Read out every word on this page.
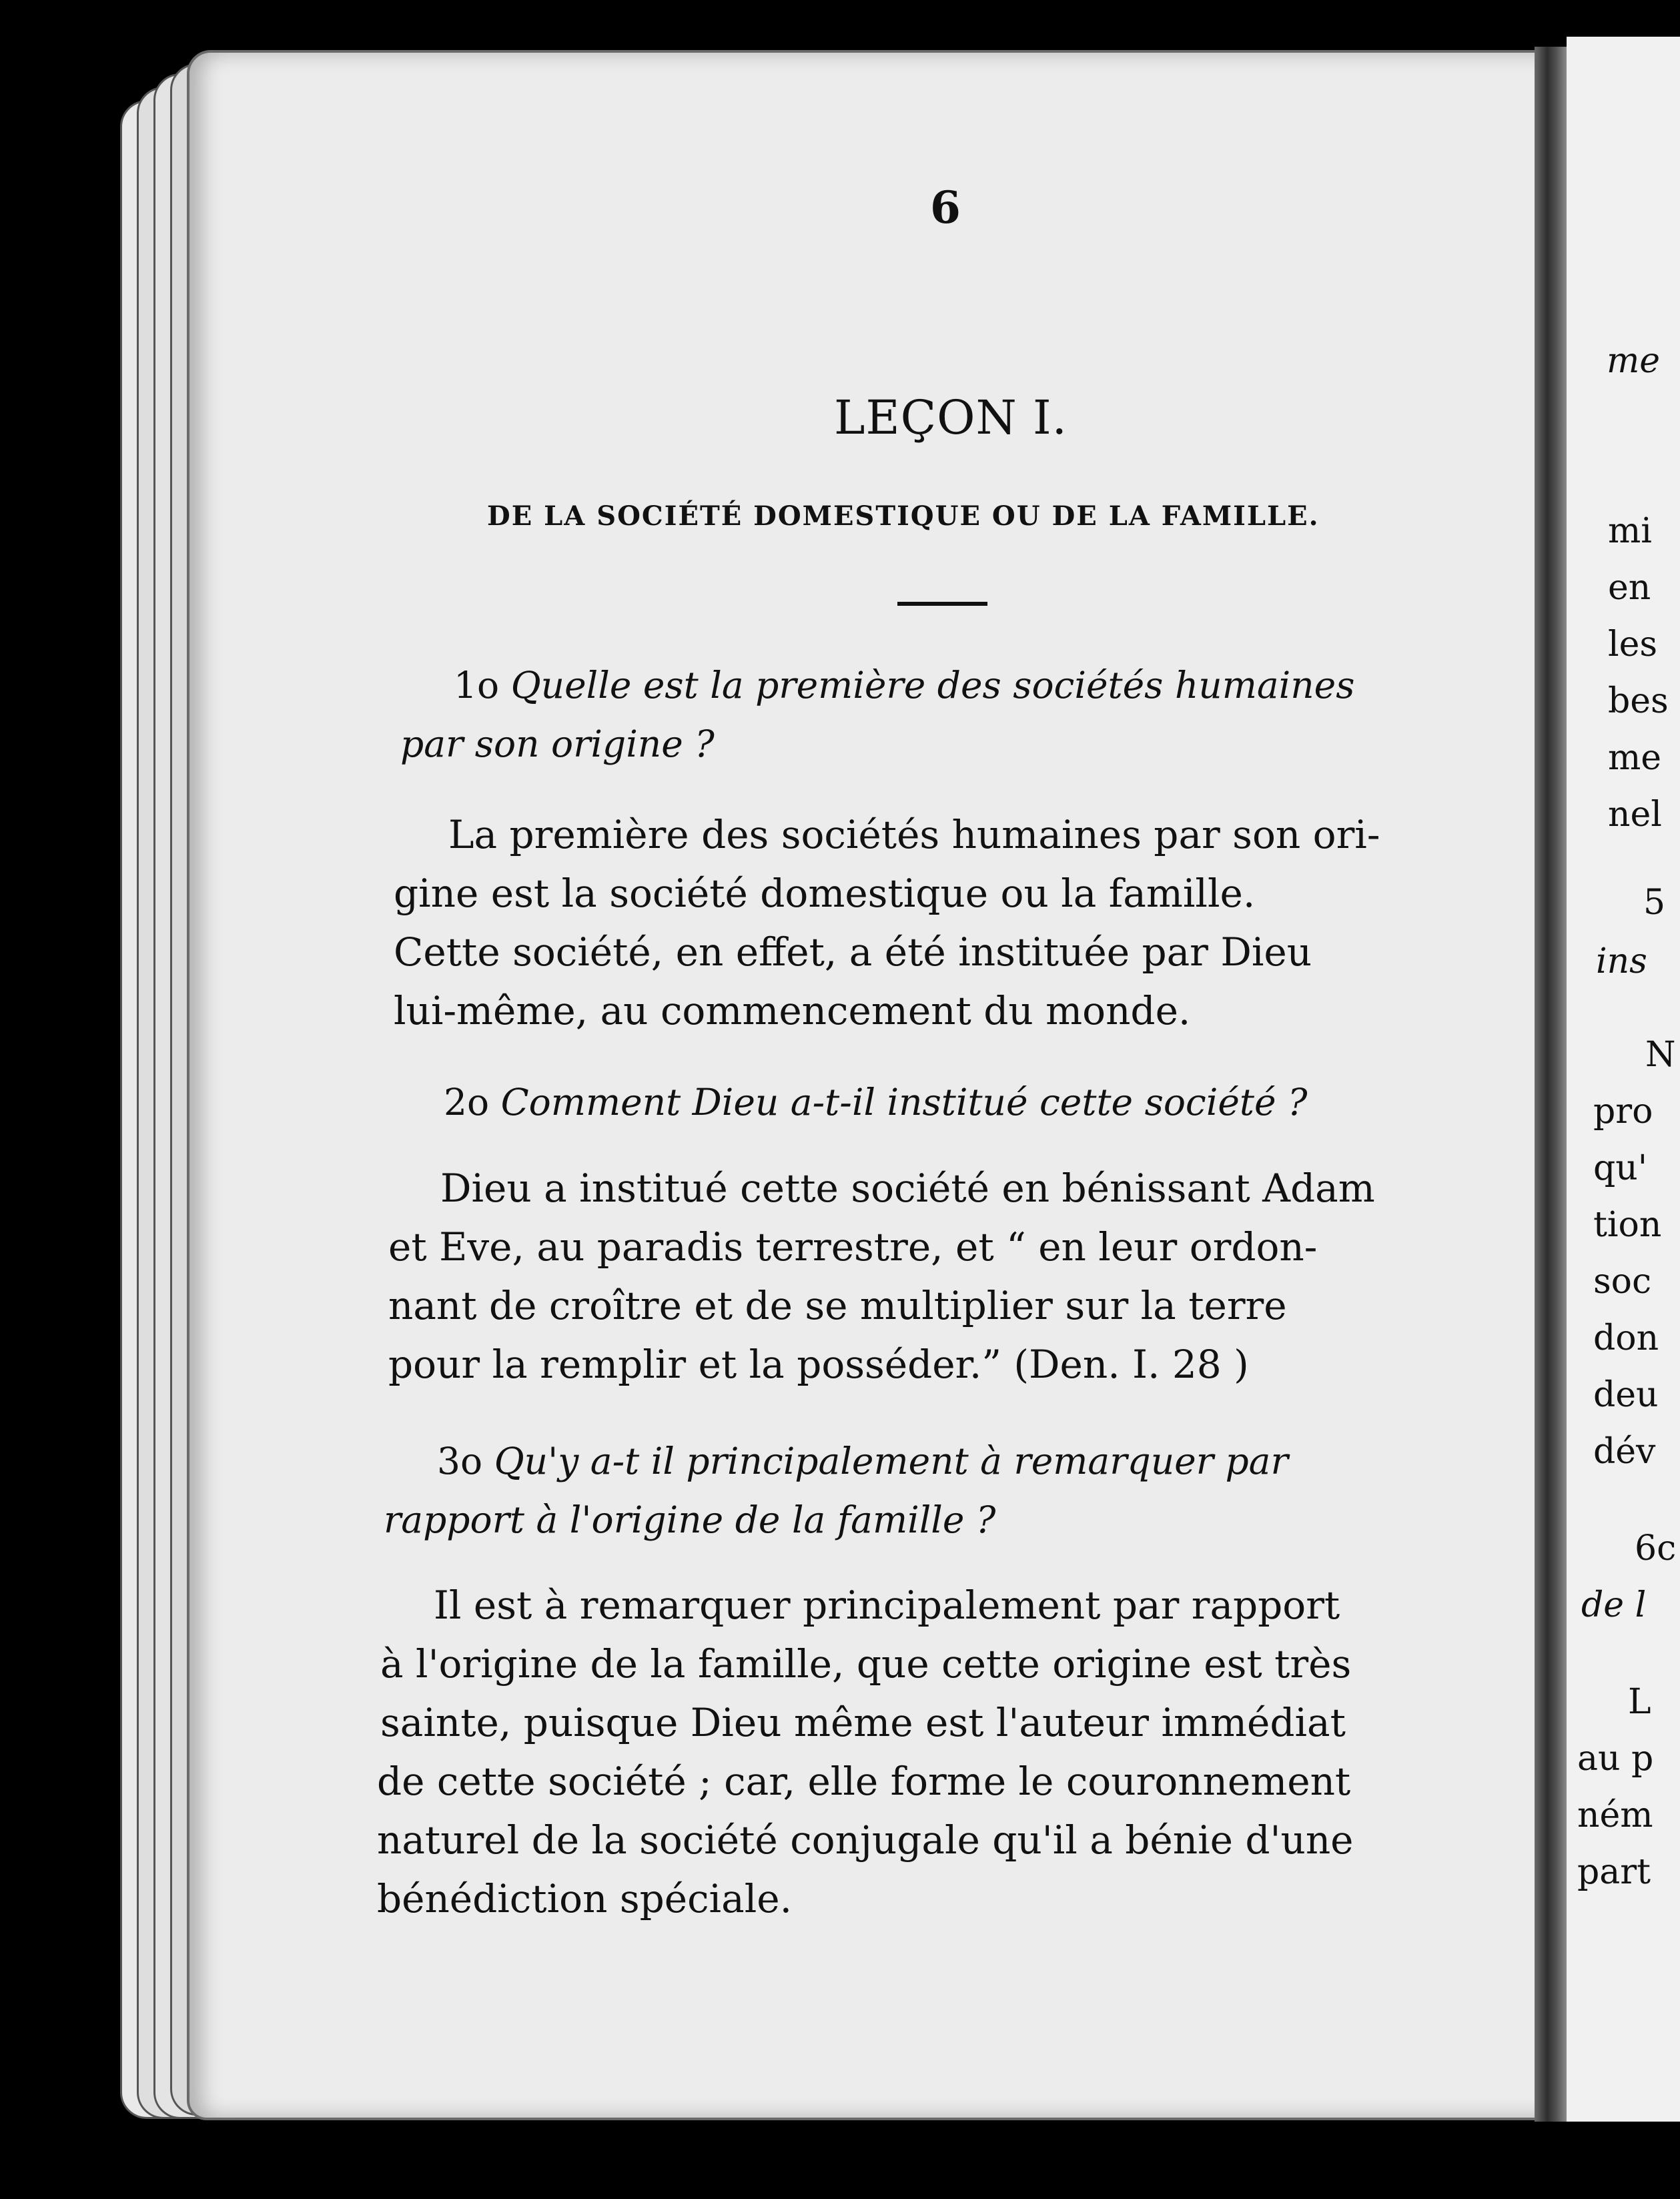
6
LEÇON I.
DE LA SOCIÉTÉ DOMESTIQUE OU DE LA FAMILLE.
1o Quelle est la première des sociétés humaines
par son origine ?
La première des sociétés humaines par son ori-
gine est la société domestique ou la famille.
Cette société, en effet, a été instituée par Dieu
lui-même, au commencement du monde.
2o Comment Dieu a-t-il institué cette société ?
Dieu a institué cette société en bénissant Adam
et Eve, au paradis terrestre, et “ en leur ordon-
nant de croître et de se multiplier sur la terre
pour la remplir et la posséder.” (Den. I. 28 )
3o Qu'y a-t il principalement à remarquer par
rapport à l'origine de la famille ?
Il est à remarquer principalement par rapport
à l'origine de la famille, que cette origine est très
sainte, puisque Dieu même est l'auteur immédiat
de cette société ; car, elle forme le couronnement
naturel de la société conjugale qu'il a bénie d'une
bénédiction spéciale.
me
mi
en
les
bes
me
nel
5
ins
N
pro
qu'
tion
soc
don
deu
dév
6c
de l
L
au p
ném
part
